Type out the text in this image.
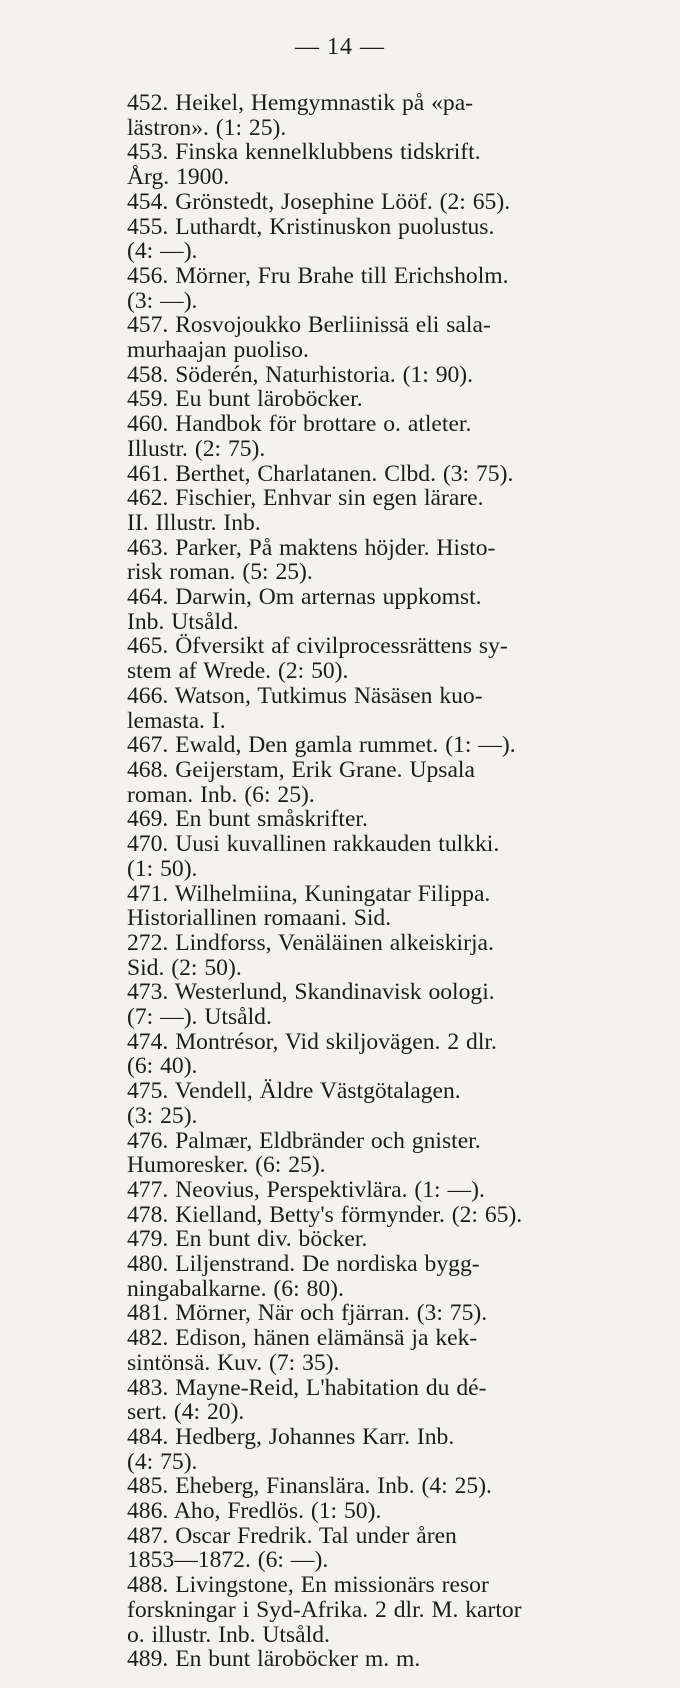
— 14 —

452. Heikel, Hemgymnastik på «pa-

lästron». (1: 25).

453. Finska kennelklubbens tidskrift.

Årg. 1900.

454. Grönstedt, Josephine Lööf. (2: 65).

455. Luthardt, Kristinuskon puolustus.

(4: —).

456. Mörner, Fru Brahe till Erichsholm.

(3: —).

457. Rosvojoukko Berliinissä eli sala-

murhaajan puoliso.

458. Söderén, Naturhistoria. (1: 90).

459. Eu bunt läroböcker.

460. Handbok för brottare o. atleter.

Illustr. (2: 75).

461. Berthet, Charlatanen. Clbd. (3: 75).

462. Fischier, Enhvar sin egen lärare.

II. Illustr. Inb.

463. Parker, På maktens höjder. Histo-

risk roman. (5: 25).

464. Darwin, Om arternas uppkomst.

Inb. Utsåld.

465. Öfversikt af civilprocessrättens sy-

stem af Wrede. (2: 50).

466. Watson, Tutkimus Näsäsen kuo-

lemasta. I.

467. Ewald, Den gamla rummet. (1: —).

468. Geijerstam, Erik Grane. Upsala

roman. Inb. (6: 25).

469. En bunt småskrifter.

470. Uusi kuvallinen rakkauden tulkki.

(1: 50).

471. Wilhelmiina, Kuningatar Filippa.

Historiallinen romaani. Sid.

272. Lindforss, Venäläinen alkeiskirja.

Sid. (2: 50).

473. Westerlund, Skandinavisk oologi.

(7: —). Utsåld.

474. Montrésor, Vid skiljovägen. 2 dlr.

(6: 40).

475. Vendell, Äldre Västgötalagen.

(3: 25).

476. Palmær, Eldbränder och gnister.

Humoresker. (6: 25).

477. Neovius, Perspektivlära. (1: —).

478. Kielland, Betty's förmynder. (2: 65).

479. En bunt div. böcker.

480. Liljenstrand. De nordiska bygg-

ningabalkarne. (6: 80).

481. Mörner, När och fjärran. (3: 75).

482. Edison, hänen elämänsä ja kek-

sintönsä. Kuv. (7: 35).

483. Mayne-Reid, L'habitation du dé-

sert. (4: 20).

484. Hedberg, Johannes Karr. Inb.

(4: 75).

485. Eheberg, Finanslära. Inb. (4: 25).

486. Aho, Fredlös. (1: 50).

487. Oscar Fredrik. Tal under åren

1853—1872. (6: —).

488. Livingstone, En missionärs resor

forskningar i Syd-Afrika. 2 dlr. M. kartor

o. illustr. Inb. Utsåld.

489. En bunt läroböcker m. m.
